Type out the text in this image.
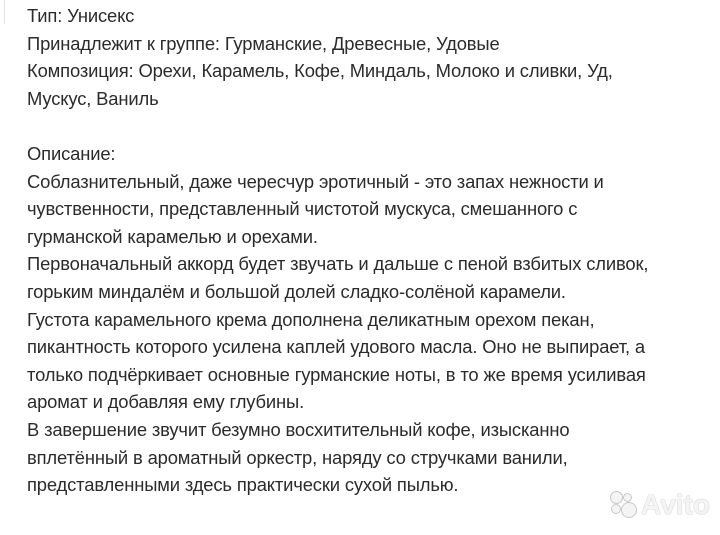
Тип: Унисекс
Принадлежит к группе: Гурманские, Древесные, Удовые
Композиция: Орехи, Карамель, Кофе, Миндаль, Молоко и сливки, Уд,
Мускус, Ваниль
Описание:
Соблазнительный, даже чересчур эротичный - это запах нежности и
чувственности, представленный чистотой мускуса, смешанного с
гурманской карамелью и орехами.
Первоначальный аккорд будет звучать и дальше с пеной взбитых сливок,
горьким миндалём и большой долей сладко-солёной карамели.
Густота карамельного крема дополнена деликатным орехом пекан,
пикантность которого усилена каплей удового масла. Оно не выпирает, а
только подчёркивает основные гурманские ноты, в то же время усиливая
аромат и добавляя ему глубины.
В завершение звучит безумно восхитительный кофе, изысканно
вплетённый в ароматный оркестр, наряду со стручками ванили,
представленными здесь практически сухой пылью.
Avito
